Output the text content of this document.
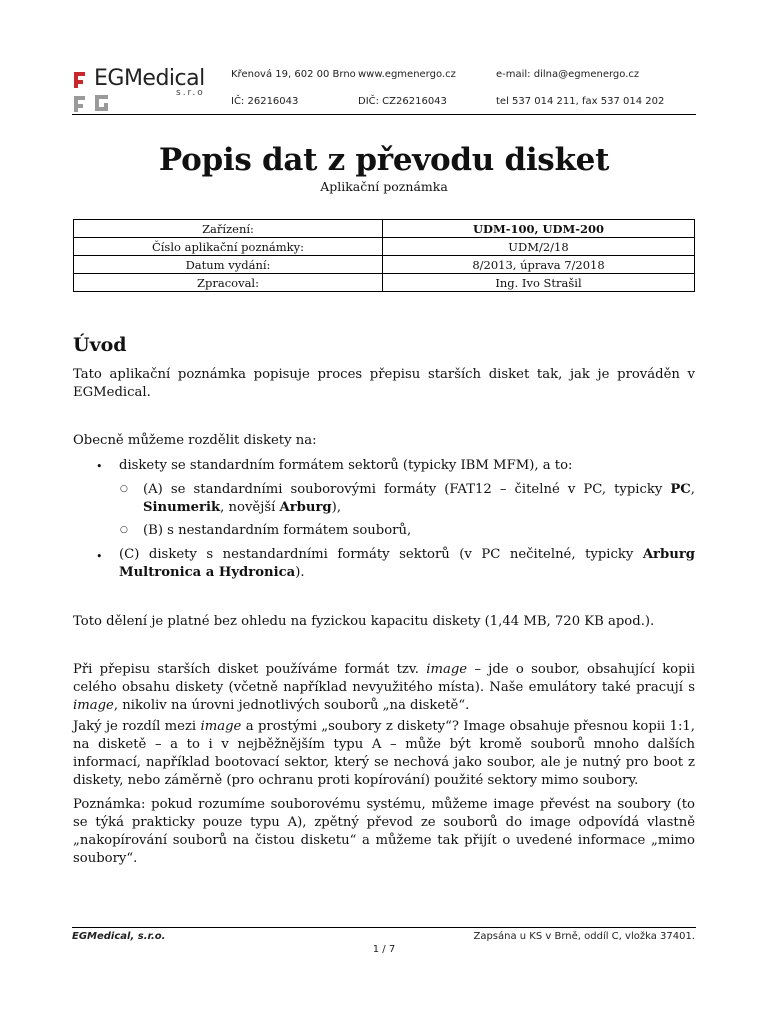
EGMedical
s.r.o
Křenová 19, 602 00 Brno www.egmenergo.cz	e-mail: dilna@egmenergo.cz
IČ: 26216043	DIČ: CZ26216043	tel 537 014 211, fax 537 014 202
Popis dat z převodu disket
Aplikační poznámka
Zařízení:	UDM-100, UDM-200
Číslo aplikační poznámky:	UDM/2/18
Datum vydání:	8/2013, úprava 7/2018
Zpracoval:	Ing. Ivo Strašil
Úvod
Tato aplikační poznámka popisuje proces přepisu starších disket tak, jak je prováděn v EGMedical.
Obecně můžeme rozdělit diskety na:
• diskety se standardním formátem sektorů (typicky IBM MFM), a to:
○ (A) se standardními souborovými formáty (FAT12 – čitelné v PC, typicky PC, Sinumerik, novější Arburg),
○ (B) s nestandardním formátem souborů,
• (C) diskety s nestandardními formáty sektorů (v PC nečitelné, typicky Arburg Multronica a Hydronica).
Toto dělení je platné bez ohledu na fyzickou kapacitu diskety (1,44 MB, 720 KB apod.).
Při přepisu starších disket používáme formát tzv. image – jde o soubor, obsahující kopii celého obsahu diskety (včetně například nevyužitého místa). Naše emulátory také pracují s image, nikoliv na úrovni jednotlivých souborů „na disketě“.
Jaký je rozdíl mezi image a prostými „soubory z diskety“? Image obsahuje přesnou kopii 1:1, na disketě – a to i v nejběžnějším typu A – může být kromě souborů mnoho dalších informací, například bootovací sektor, který se nechová jako soubor, ale je nutný pro boot z diskety, nebo záměrně (pro ochranu proti kopírování) použité sektory mimo soubory.
Poznámka: pokud rozumíme souborovému systému, můžeme image převést na soubory (to se týká prakticky pouze typu A), zpětný převod ze souborů do image odpovídá vlastně „nakopírování souborů na čistou disketu“ a můžeme tak přijít o uvedené informace „mimo soubory“.
EGMedical, s.r.o.	Zapsána u KS v Brně, oddíl C, vložka 37401.
1 / 7
